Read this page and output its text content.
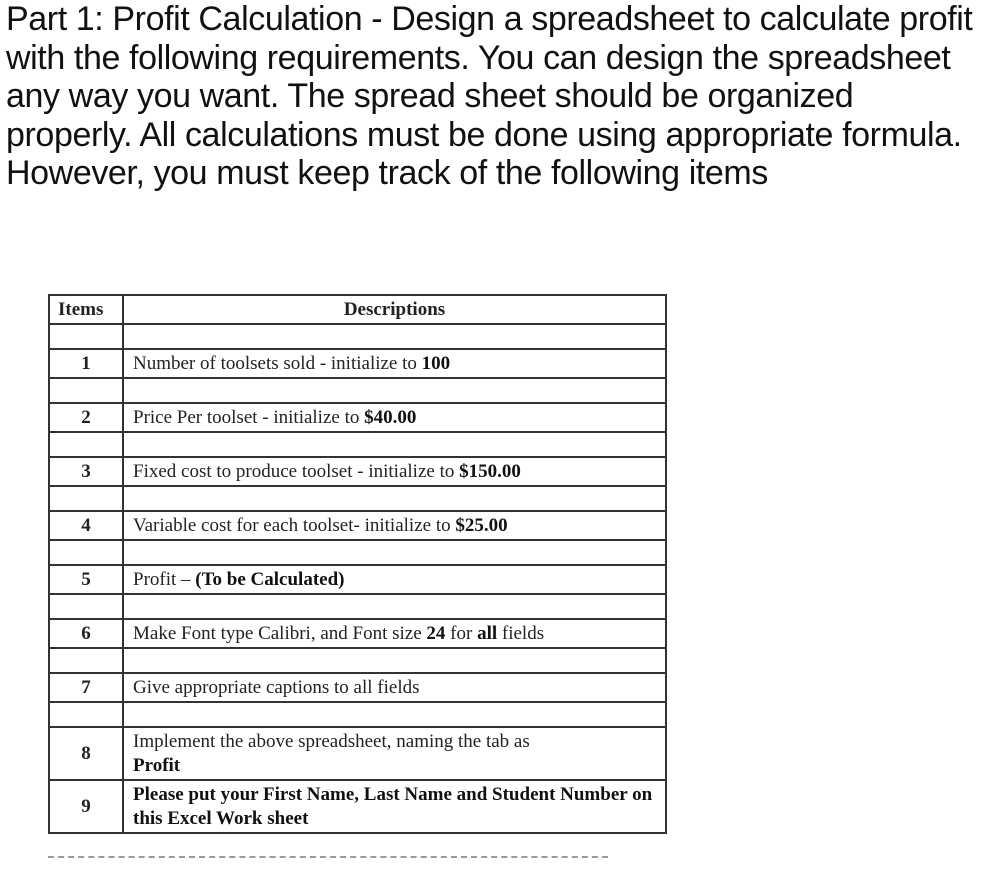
Part 1: Profit Calculation - Design a spreadsheet to calculate profit with the following requirements. You can design the spreadsheet any way you want. The spread sheet should be organized properly. All calculations must be done using appropriate formula. However, you must keep track of the following items

Items	Descriptions

1	Number of toolsets sold - initialize to 100

2	Price Per toolset - initialize to $40.00

3	Fixed cost to produce toolset - initialize to $150.00

4	Variable cost for each toolset- initialize to $25.00

5	Profit – (To be Calculated)

6	Make Font type Calibri, and Font size 24 for all fields

7	Give appropriate captions to all fields

8	Implement the above spreadsheet, naming the tab as
Profit
9	Please put your First Name, Last Name and Student Number on this Excel Work sheet
